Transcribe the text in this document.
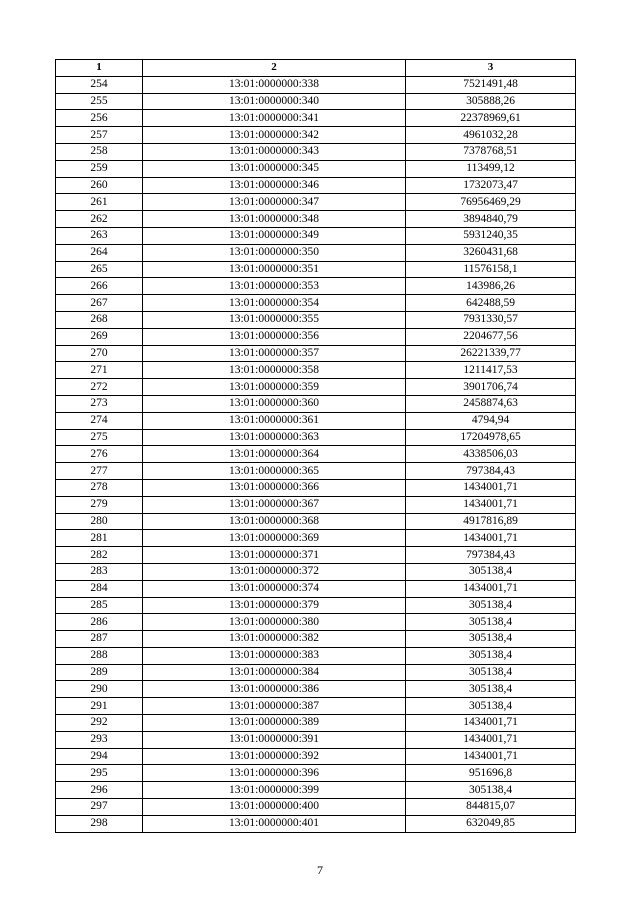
1	2	3
254	13:01:0000000:338	7521491,48
255	13:01:0000000:340	305888,26
256	13:01:0000000:341	22378969,61
257	13:01:0000000:342	4961032,28
258	13:01:0000000:343	7378768,51
259	13:01:0000000:345	113499,12
260	13:01:0000000:346	1732073,47
261	13:01:0000000:347	76956469,29
262	13:01:0000000:348	3894840,79
263	13:01:0000000:349	5931240,35
264	13:01:0000000:350	3260431,68
265	13:01:0000000:351	11576158,1
266	13:01:0000000:353	143986,26
267	13:01:0000000:354	642488,59
268	13:01:0000000:355	7931330,57
269	13:01:0000000:356	2204677,56
270	13:01:0000000:357	26221339,77
271	13:01:0000000:358	1211417,53
272	13:01:0000000:359	3901706,74
273	13:01:0000000:360	2458874,63
274	13:01:0000000:361	4794,94
275	13:01:0000000:363	17204978,65
276	13:01:0000000:364	4338506,03
277	13:01:0000000:365	797384,43
278	13:01:0000000:366	1434001,71
279	13:01:0000000:367	1434001,71
280	13:01:0000000:368	4917816,89
281	13:01:0000000:369	1434001,71
282	13:01:0000000:371	797384,43
283	13:01:0000000:372	305138,4
284	13:01:0000000:374	1434001,71
285	13:01:0000000:379	305138,4
286	13:01:0000000:380	305138,4
287	13:01:0000000:382	305138,4
288	13:01:0000000:383	305138,4
289	13:01:0000000:384	305138,4
290	13:01:0000000:386	305138,4
291	13:01:0000000:387	305138,4
292	13:01:0000000:389	1434001,71
293	13:01:0000000:391	1434001,71
294	13:01:0000000:392	1434001,71
295	13:01:0000000:396	951696,8
296	13:01:0000000:399	305138,4
297	13:01:0000000:400	844815,07
298	13:01:0000000:401	632049,85
7
